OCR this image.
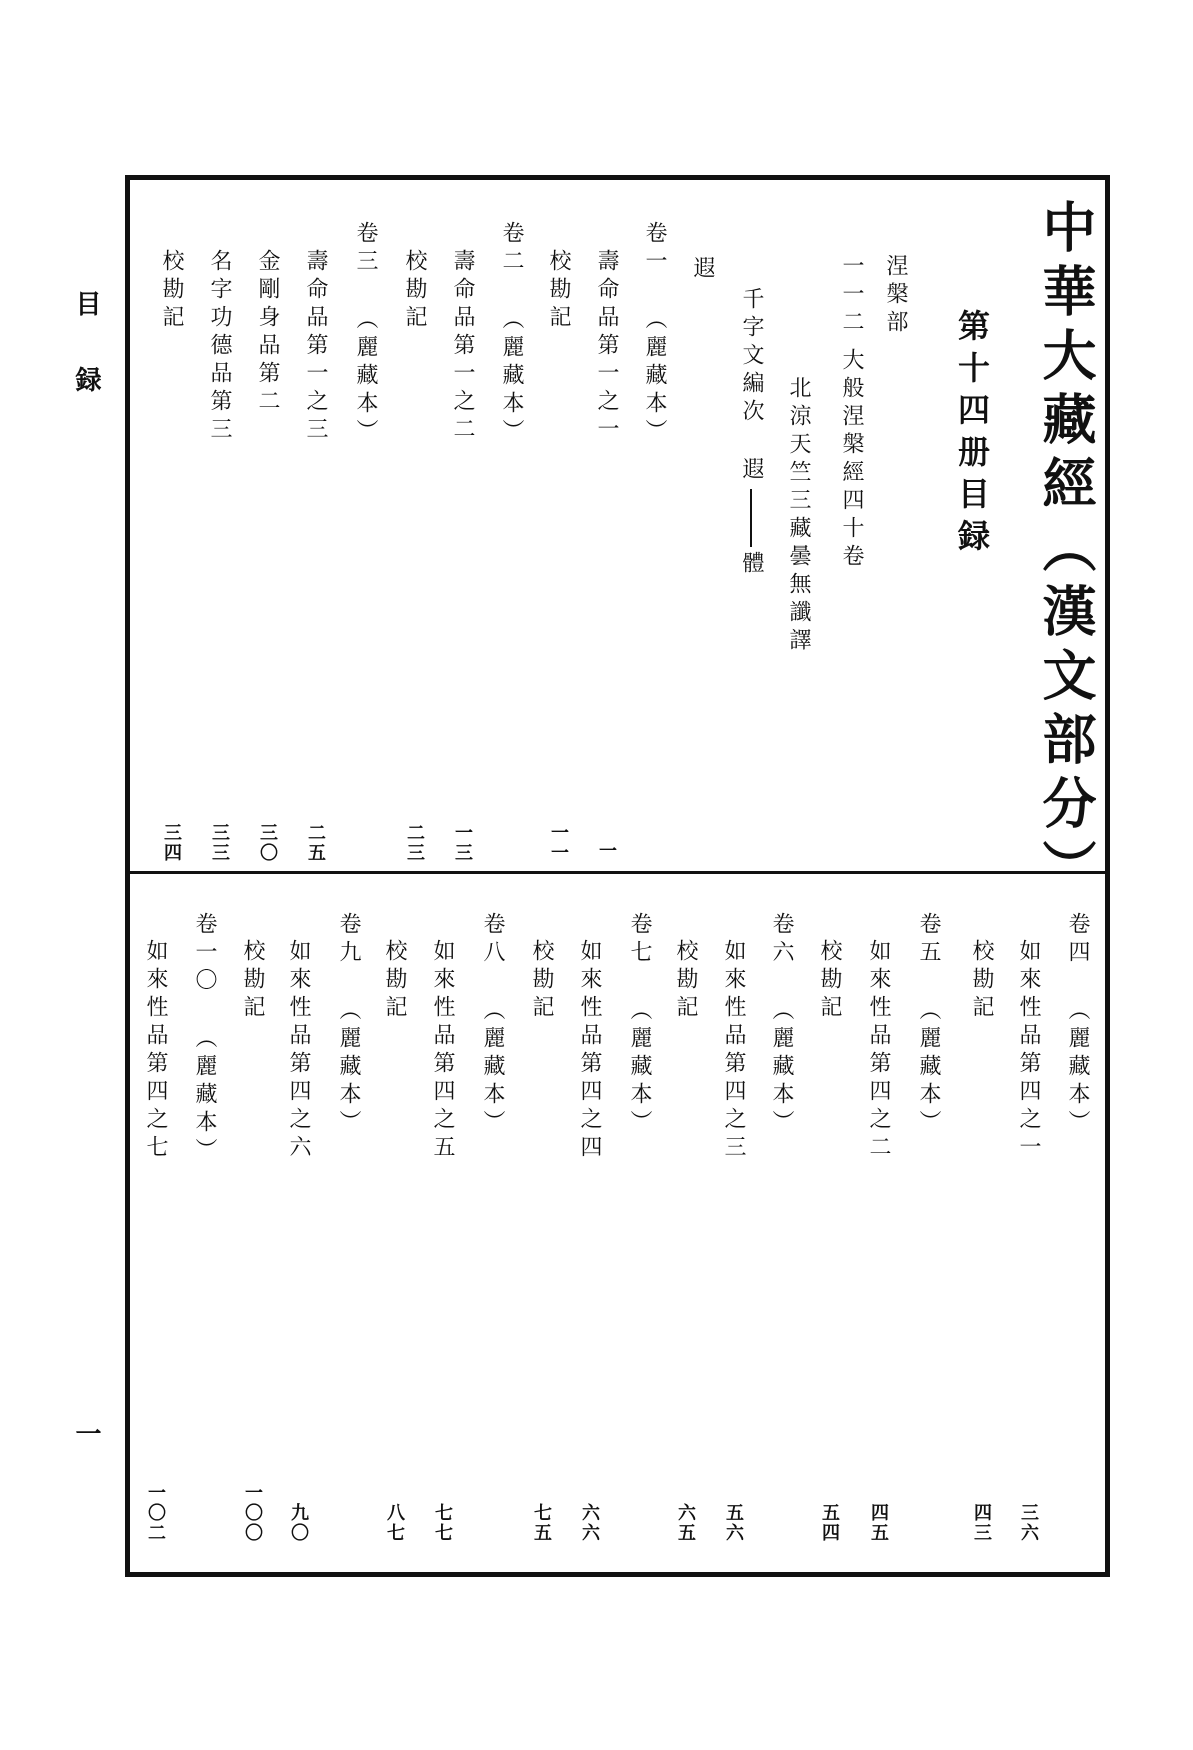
目録
一
中華大藏經（漢文部分）
第十四册目録
涅槃部
一一二
大般涅槃經四十卷
北涼天竺三藏曇無讖譯
千字文編次遐體
遐
卷一（麗藏本）
壽命品第一之一
一
校勘記
一一
卷二（麗藏本）
壽命品第一之二
一三
校勘記
二三
卷三（麗藏本）
壽命品第一之三
二五
金剛身品第二
三〇
名字功德品第三
三三
校勘記
三四
卷四（麗藏本）
如來性品第四之一
三六
校勘記
四三
卷五（麗藏本）
如來性品第四之二
四五
校勘記
五四
卷六（麗藏本）
如來性品第四之三
五六
校勘記
六五
卷七（麗藏本）
如來性品第四之四
六六
校勘記
七五
卷八（麗藏本）
如來性品第四之五
七七
校勘記
八七
卷九（麗藏本）
如來性品第四之六
九〇
校勘記
一〇〇
卷一〇（麗藏本）
如來性品第四之七
一〇二
